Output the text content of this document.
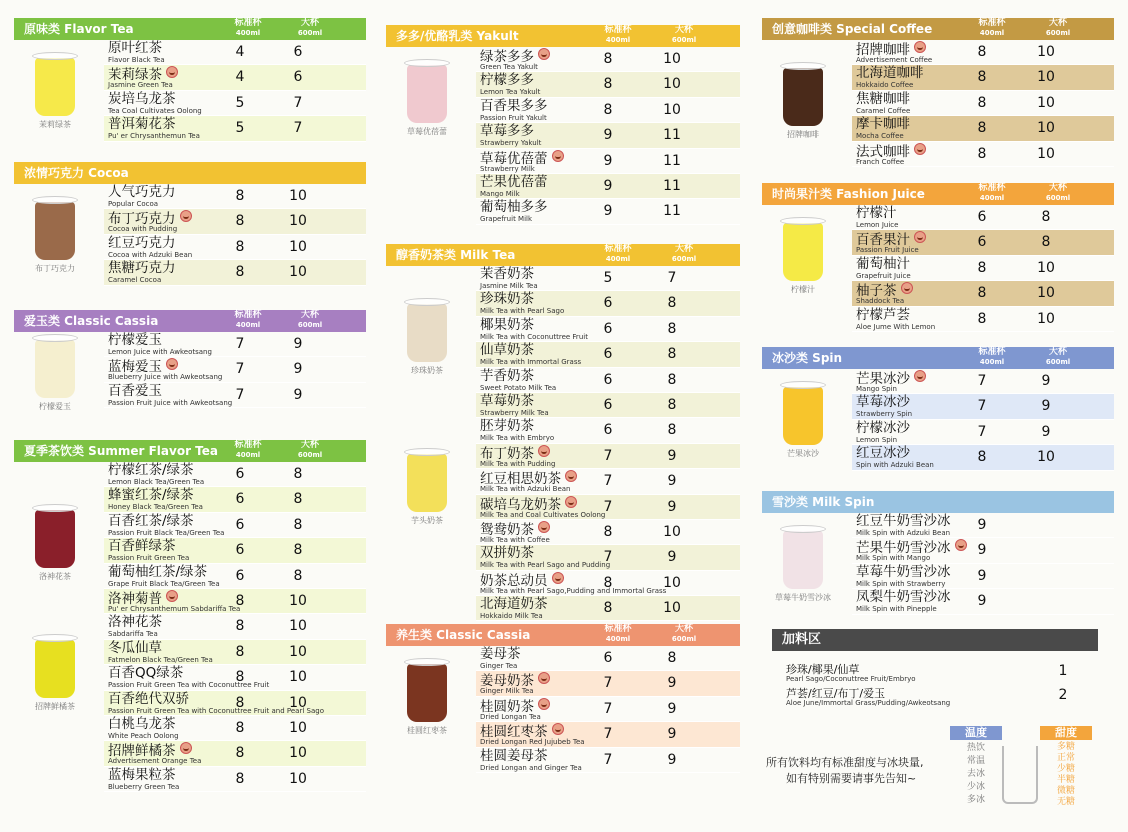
原味类 Flavor Tea	标准杯
400ml
大杯
600ml
原叶红茶
Flavor Black Tea	4	6
茉莉绿茶
Jasmine Green Tea	4	6
炭培乌龙茶
Tea Coal Cultivates Oolong	5	7
普洱菊花茶
Pu' er Chrysanthemun Tea	5	7
茉莉绿茶
浓情巧克力 Cocoa
人气巧克力
Popular Cocoa	8	10
布丁巧克力
Cocoa with Pudding	8	10
红豆巧克力
Cocoa with Adzuki Bean	8	10
焦糖巧克力
Caramel Cocoa	8	10
布丁巧克力
爱玉类 Classic Cassia	标准杯
400ml
大杯
600ml
柠檬爱玉
Lemon Juice with Awkeotsang	7	9
蓝梅爱玉
Blueberry Juice with Awkeotsang 7	9
百香爱玉
Passion Fruit Juice with Awkeotsang 7	9
柠檬爱玉
夏季茶饮类 Summer Flavor Tea	标准杯
400ml
大杯
600ml
柠檬红茶/绿茶
Lemon Black Tea/Green Tea	6	8
蜂蜜红茶/绿茶
Honey Black Tea/Green Tea	6	8
百香红茶/绿茶
Passion Fruit Black Tea/Green Tea 6	8
百香鲜绿茶
Passion Fruit Green Tea	6	8
葡萄柚红茶/绿茶
Grape Fruit Black Tea/Green Tea	6	8
洛神菊普
Pu' er Chrysanthemum Sabdariffa Tea
8	10
洛神花茶
Sabdariffa Tea	8	10
冬瓜仙草
Fatmelon Black Tea/Green Tea	8	10
百香QQ绿茶
Passion Fruit Green Tea with Coconuttree Fruit
8	10
百香绝代双骄
Passion Fruit Green Tea with Coconuttree Fruit and Pearl Sago
8	10
白桃乌龙茶
White Peach Oolong	8	10
招牌鲜橘茶
Advertisement Orange Tea	8	10
蓝梅果粒茶
Blueberry Green Tea	8	10
洛神花茶
招牌鲜橘茶
多多/优酪乳类 Yakult	标准杯
400ml
大杯
600ml
绿茶多多
Green Tea Yakult	8	10
柠檬多多
Lemon Tea Yakult	8	10
百香果多多
Passion Fruit Yakult	8	10
草莓多多
Strawberry Yakult	9	11
草莓优蓓蕾
Strawberry Milk	9	11
芒果优蓓蕾
Mango Milk	9	11
葡萄柚多多
Grapefruit Milk	9	11
草莓优蓓蕾
醇香奶茶类 Milk Tea	标准杯
400ml
大杯
600ml
茉香奶茶
Jasmine Milk Tea	5	7
珍珠奶茶
Milk Tea with Pearl Sago	6	8
椰果奶茶
Milk Tea with Coconuttree Fruit	6	8
仙草奶茶
Milk Tea with Immortal Grass	6	8
芋香奶茶
Sweet Potato Milk Tea	6	8
草莓奶茶
Strawberry Milk Tea	6	8
胚芽奶茶
Milk Tea with Embryo	6	8
布丁奶茶
Milk Tea with Pudding	7	9
红豆相思奶茶
Milk Tea with Adzuki Bean	7	9
碳培乌龙奶茶
Milk Tea and Coal Cultivates Oolong
7	9
鸳鸯奶茶
Milk Tea with Coffee	8	10
双拼奶茶
Milk Tea with Pearl Sago and Pudding
7	9
奶茶总动员
Milk Tea with Pearl Sago,Pudding and Immortal Grass
8	10
北海道奶茶
Hokkaido Milk Tea	8	10
珍珠奶茶
芋头奶茶
养生类 Classic Cassia	标准杯
400ml
大杯
600ml
姜母茶
Ginger Tea	6	8
姜母奶茶
Ginger Milk Tea	7	9
桂圆奶茶
Dried Longan Tea	7	9
桂圆红枣茶
Dried Longan Red Jujubeb Tea	7	9
桂圆姜母茶
Dried Longan and Ginger Tea	7	9
桂圆红枣茶
创意咖啡类 Special Coffee	标准杯
400ml
大杯
600ml
招牌咖啡
Advertisement Coffee	8	10
北海道咖啡
Hokkaido Coffee	8	10
焦糖咖啡
Caramel Coffee	8	10
摩卡咖啡
Mocha Coffee	8	10
法式咖啡
Franch Coffee	8	10
招牌咖啡
时尚果汁类 Fashion Juice	标准杯
400ml
大杯
600ml
柠檬汁
Lemon Juice	6	8
百香果汁
Passion Fruit Juice	6	8
葡萄柚汁
Grapefruit Juice	8	10
柚子茶
Shaddock Tea	8	10
柠檬芦荟
Aloe Jume With Lemon	8	10
柠檬汁
冰沙类 Spin	标准杯
400ml
大杯
600ml
芒果冰沙
Mango Spin	7	9
草莓冰沙
Strawberry Spin	7	9
柠檬冰沙
Lemon Spin	7	9
红豆冰沙
Spin with Adzuki Bean	8	10
芒果冰沙
雪沙类 Milk Spin
红豆牛奶雪沙冰
Milk Spin with Adzuki Bean	9
芒果牛奶雪沙冰
Milk Spin with Mango	9
草莓牛奶雪沙冰
Milk Spin with Strawberry	9
凤梨牛奶雪沙冰
Milk Spin with Pinepple	9
草莓牛奶雪沙冰
加料区
珍珠/椰果/仙草
Pearl Sago/Coconuttree Fruit/Embryo	1
芦荟/红豆/布丁/爱玉
Aloe June/Immortal Grass/Pudding/Awkeotsang	2
温度
热饮
常温
去冰
少冰
多冰
甜度
多糖
正常
少糖
半糖
微糖
无糖
所有饮料均有标准甜度与冰块量,
如有特别需要请事先告知~
